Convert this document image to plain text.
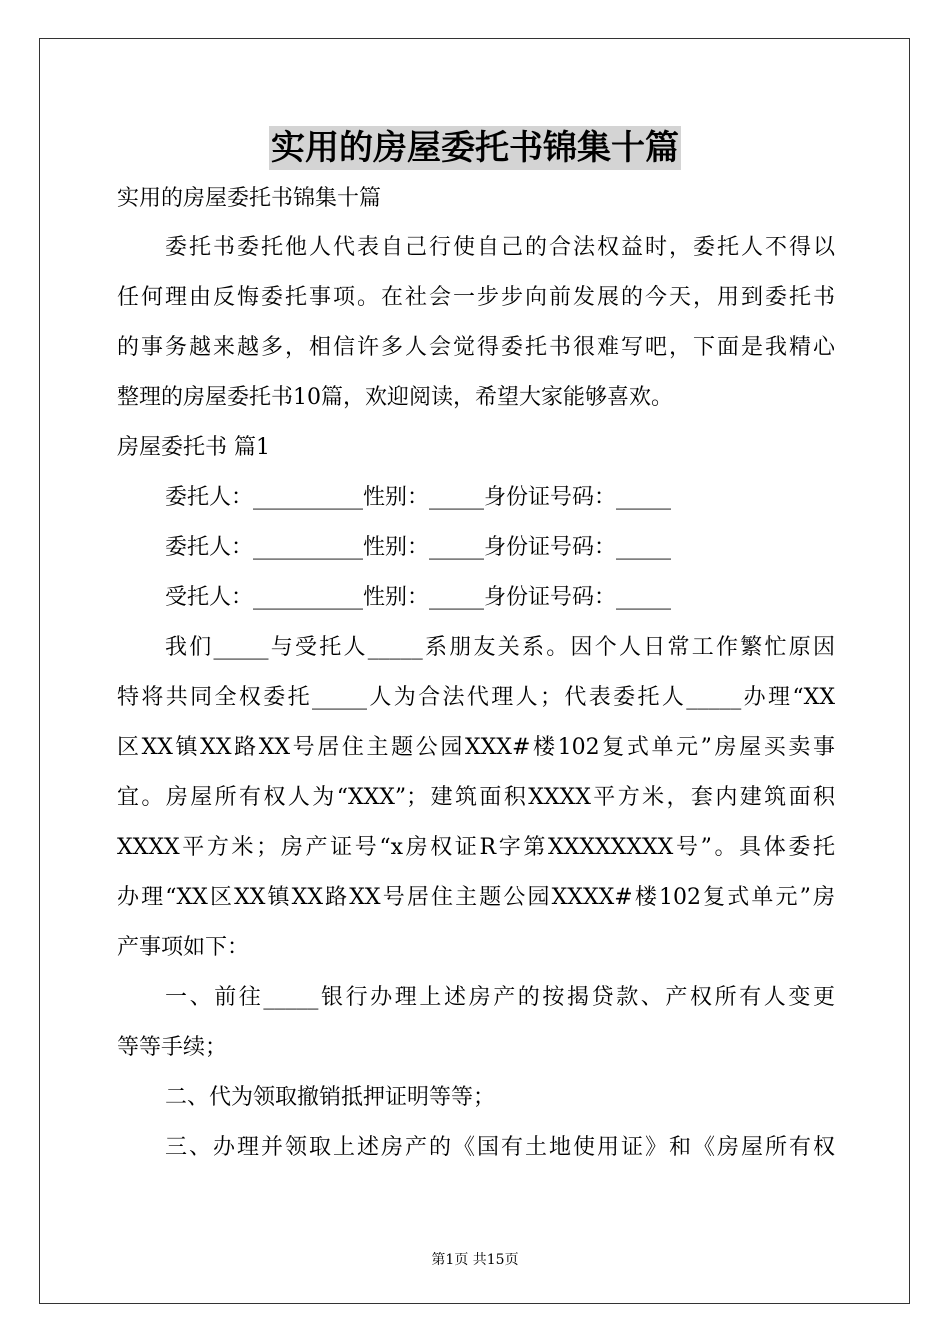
实用的房屋委托书锦集十篇
实用的房屋委托书锦集十篇
委托书委托他人代表自己行使自己的合法权益时，委托人不得以
任何理由反悔委托事项。在社会一步步向前发展的今天，用到委托书
的事务越来越多，相信许多人会觉得委托书很难写吧，下面是我精心
整理的房屋委托书10篇，欢迎阅读，希望大家能够喜欢。
房屋委托书 篇1
委托人：__________性别：_____身份证号码：_____
委托人：__________性别：_____身份证号码：_____
受托人：__________性别：_____身份证号码：_____
我们_____与受托人_____系朋友关系。因个人日常工作繁忙原因
特将共同全权委托_____人为合法代理人；代表委托人_____办理“XX
区XX镇XX路XX号居住主题公园XXX#楼102复式单元”房屋买卖事
宜。房屋所有权人为“XXX”；建筑面积XXXX平方米，套内建筑面积
XXXX平方米；房产证号“x房权证R字第XXXXXXXX号”。具体委托
办理“XX区XX镇XX路XX号居住主题公园XXXX#楼102复式单元”房
产事项如下：
一、前往_____银行办理上述房产的按揭贷款、产权所有人变更
等等手续；
二、代为领取撤销抵押证明等等；
三、办理并领取上述房产的《国有土地使用证》和《房屋所有权
第1页 共15页
